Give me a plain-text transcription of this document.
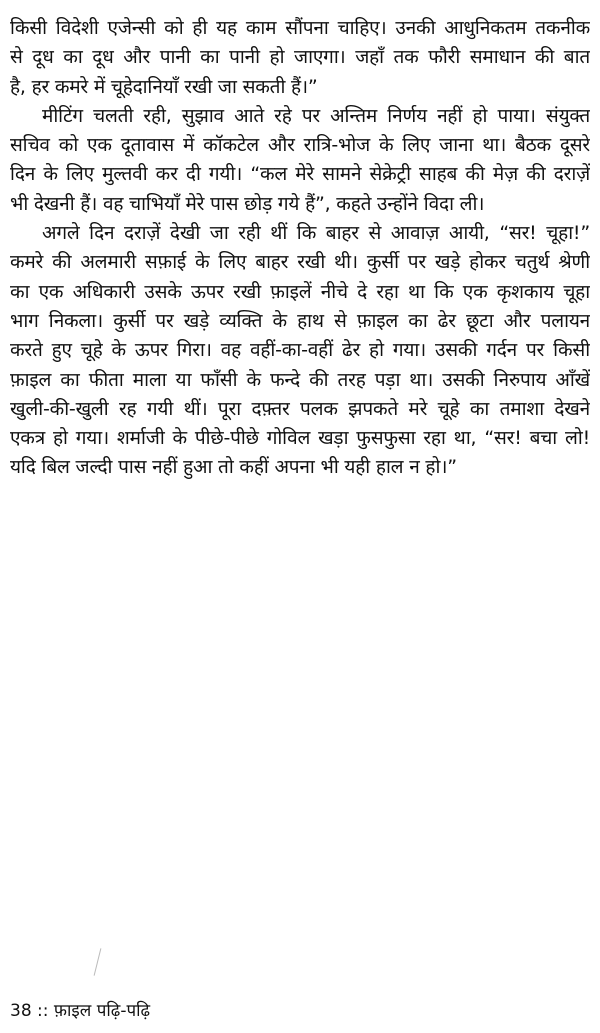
किसी विदेशी एजेन्सी को ही यह काम सौंपना चाहिए। उनकी आधुनिकतम तकनीक
से दूध का दूध और पानी का पानी हो जाएगा। जहाँ तक फौरी समाधान की बात
है, हर कमरे में चूहेदानियाँ रखी जा सकती हैं।”
मीटिंग चलती रही, सुझाव आते रहे पर अन्तिम निर्णय नहीं हो पाया। संयुक्त
सचिव को एक दूतावास में कॉकटेल और रात्रि-भोज के लिए जाना था। बैठक दूसरे
दिन के लिए मुल्तवी कर दी गयी। “कल मेरे सामने सेक्रेट्री साहब की मेज़ की दराज़ें
भी देखनी हैं। वह चाभियाँ मेरे पास छोड़ गये हैं”, कहते उन्होंने विदा ली।
अगले दिन दराज़ें देखी जा रही थीं कि बाहर से आवाज़ आयी, “सर! चूहा!”
कमरे की अलमारी सफ़ाई के लिए बाहर रखी थी। कुर्सी पर खड़े होकर चतुर्थ श्रेणी
का एक अधिकारी उसके ऊपर रखी फ़ाइलें नीचे दे रहा था कि एक कृशकाय चूहा
भाग निकला। कुर्सी पर खड़े व्यक्ति के हाथ से फ़ाइल का ढेर छूटा और पलायन
करते हुए चूहे के ऊपर गिरा। वह वहीं-का-वहीं ढेर हो गया। उसकी गर्दन पर किसी
फ़ाइल का फीता माला या फाँसी के फन्दे की तरह पड़ा था। उसकी निरुपाय आँखें
खुली-की-खुली रह गयी थीं। पूरा दफ़्तर पलक झपकते मरे चूहे का तमाशा देखने
एकत्र हो गया। शर्माजी के पीछे-पीछे गोविल खड़ा फुसफुसा रहा था, “सर! बचा लो!
यदि बिल जल्दी पास नहीं हुआ तो कहीं अपना भी यही हाल न हो।”
38 :: फ़ाइल पढ़ि-पढ़ि
